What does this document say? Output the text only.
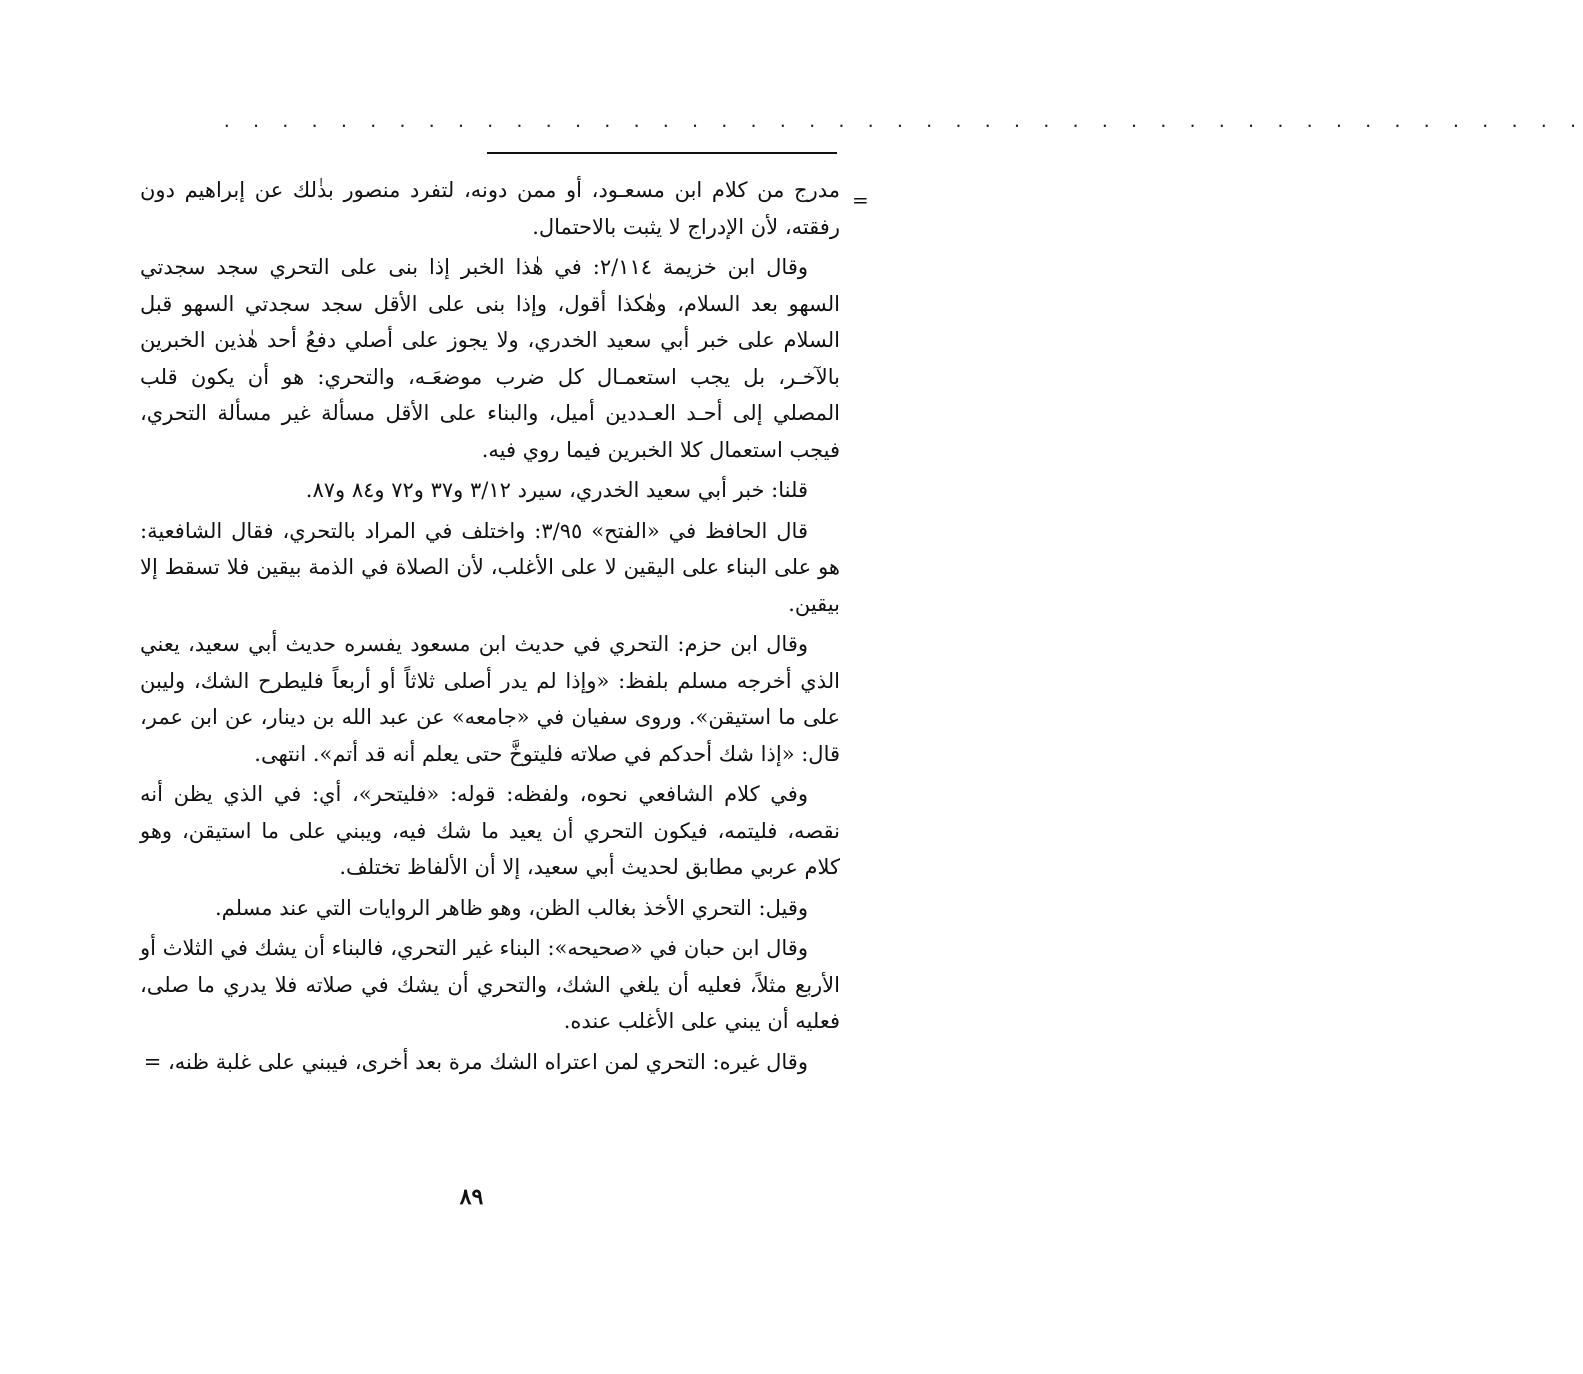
. . . . . . . . . . . . . . . . . . . . . . . . . . . . . . . . . . . . . . . . . . . . . . .
=

مدرج من كلام ابن مسعـود، أو ممن دونه، لتفرد منصور بذٰلك عن إبراهيم دون رفقته، لأن الإدراج لا يثبت بالاحتمال.

وقال ابن خزيمة ٢/١١٤: في هٰذا الخبر إذا بنى على التحري سجد سجدتي السهو بعد السلام، وهٰكذا أقول، وإذا بنى على الأقل سجد سجدتي السهو قبل السلام على خبر أبي سعيد الخدري، ولا يجوز على أصلي دفعُ أحد هٰذين الخبرين بالآخـر، بل يجب استعمـال كل ضرب موضعَـه، والتحري: هو أن يكون قلب المصلي إلى أحـد العـددين أميل، والبناء على الأقل مسألة غير مسألة التحري، فيجب استعمال كلا الخبرين فيما روي فيه.

قلنا: خبر أبي سعيد الخدري، سيرد ٣/١٢ و٣٧ و٧٢ و٨٤ و٨٧.

قال الحافظ في «الفتح» ٣/٩٥: واختلف في المراد بالتحري، فقال الشافعية: هو على البناء على اليقين لا على الأغلب، لأن الصلاة في الذمة بيقين فلا تسقط إلا بيقين.

وقال ابن حزم: التحري في حديث ابن مسعود يفسره حديث أبي سعيد، يعني الذي أخرجه مسلم بلفظ: «وإذا لم يدر أصلى ثلاثاً أو أربعاً فليطرح الشك، وليبن على ما استيقن». وروى سفيان في «جامعه» عن عبد الله بن دينار، عن ابن عمر، قال: «إذا شك أحدكم في صلاته فليتوخَّ حتى يعلم أنه قد أتم». انتهى.

وفي كلام الشافعي نحوه، ولفظه: قوله: «فليتحر»، أي: في الذي يظن أنه نقصه، فليتمه، فيكون التحري أن يعيد ما شك فيه، ويبني على ما استيقن، وهو كلام عربي مطابق لحديث أبي سعيد، إلا أن الألفاظ تختلف.

وقيل: التحري الأخذ بغالب الظن، وهو ظاهر الروايات التي عند مسلم.

وقال ابن حبان في «صحيحه»: البناء غير التحري، فالبناء أن يشك في الثلاث أو الأربع مثلاً، فعليه أن يلغي الشك، والتحري أن يشك في صلاته فلا يدري ما صلى، فعليه أن يبني على الأغلب عنده.

وقال غيره: التحري لمن اعتراه الشك مرة بعد أخرى، فيبني على غلبة ظنه، =

٨٩
